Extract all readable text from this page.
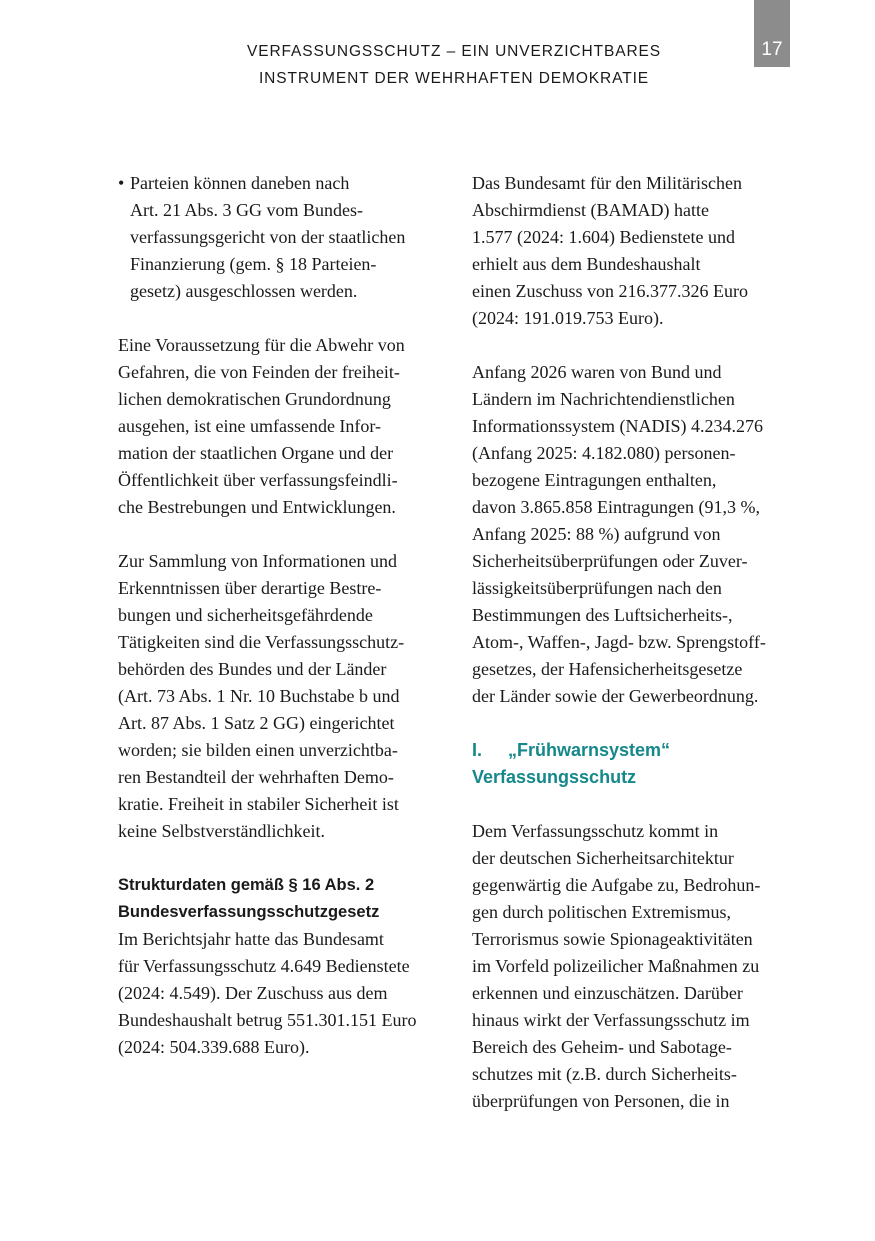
17
VERFASSUNGSSCHUTZ – EIN UNVERZICHTBARES
INSTRUMENT DER WEHRHAFTEN DEMOKRATIE
• Parteien können daneben nach
Art. 21 Abs. 3 GG vom Bundes-
verfassungsgericht von der staatlichen
Finanzierung (gem. § 18 Parteien-
gesetz) ausgeschlossen werden.
Eine Voraussetzung für die Abwehr von
Gefahren, die von Feinden der freiheit-
lichen demokratischen Grundordnung
ausgehen, ist eine umfassende Infor-
mation der staatlichen Organe und der
Öffentlichkeit über verfassungsfeindli-
che Bestrebungen und Entwicklungen.
Zur Sammlung von Informationen und
Erkenntnissen über derartige Bestre-
bungen und sicherheitsgefährdende
Tätigkeiten sind die Verfassungsschutz-
behörden des Bundes und der Länder
(Art. 73 Abs. 1 Nr. 10 Buchstabe b und
Art. 87 Abs. 1 Satz 2 GG) eingerichtet
worden; sie bilden einen unverzichtba-
ren Bestandteil der wehrhaften Demo-
kratie. Freiheit in stabiler Sicherheit ist
keine Selbstverständlichkeit.
Strukturdaten gemäß § 16 Abs. 2
Bundesverfassungsschutzgesetz
Im Berichtsjahr hatte das Bundesamt
für Verfassungsschutz 4.649 Bedienstete
(2024: 4.549). Der Zuschuss aus dem
Bundeshaushalt betrug 551.301.151 Euro
(2024: 504.339.688 Euro).
Das Bundesamt für den Militärischen
Abschirmdienst (BAMAD) hatte
1.577 (2024: 1.604) Bedienstete und
erhielt aus dem Bundeshaushalt
einen Zuschuss von 216.377.326 Euro
(2024: 191.019.753 Euro).
Anfang 2026 waren von Bund und
Ländern im Nachrichtendienstlichen
Informationssystem (NADIS) 4.234.276
(Anfang 2025: 4.182.080) personen-
bezogene Eintragungen enthalten,
davon 3.865.858 Eintragungen (91,3 %,
Anfang 2025: 88 %) aufgrund von
Sicherheitsüberprüfungen oder Zuver-
lässigkeitsüberprüfungen nach den
Bestimmungen des Luftsicherheits-,
Atom-, Waffen-, Jagd- bzw. Sprengstoff-
gesetzes, der Hafensicherheitsgesetze
der Länder sowie der Gewerbeordnung.
I. „Frühwarnsystem“
Verfassungsschutz
Dem Verfassungsschutz kommt in
der deutschen Sicherheitsarchitektur
gegenwärtig die Aufgabe zu, Bedrohun-
gen durch politischen Extremismus,
Terrorismus sowie Spionageaktivitäten
im Vorfeld polizeilicher Maßnahmen zu
erkennen und einzuschätzen. Darüber
hinaus wirkt der Verfassungsschutz im
Bereich des Geheim- und Sabotage-
schutzes mit (z.B. durch Sicherheits-
überprüfungen von Personen, die in
